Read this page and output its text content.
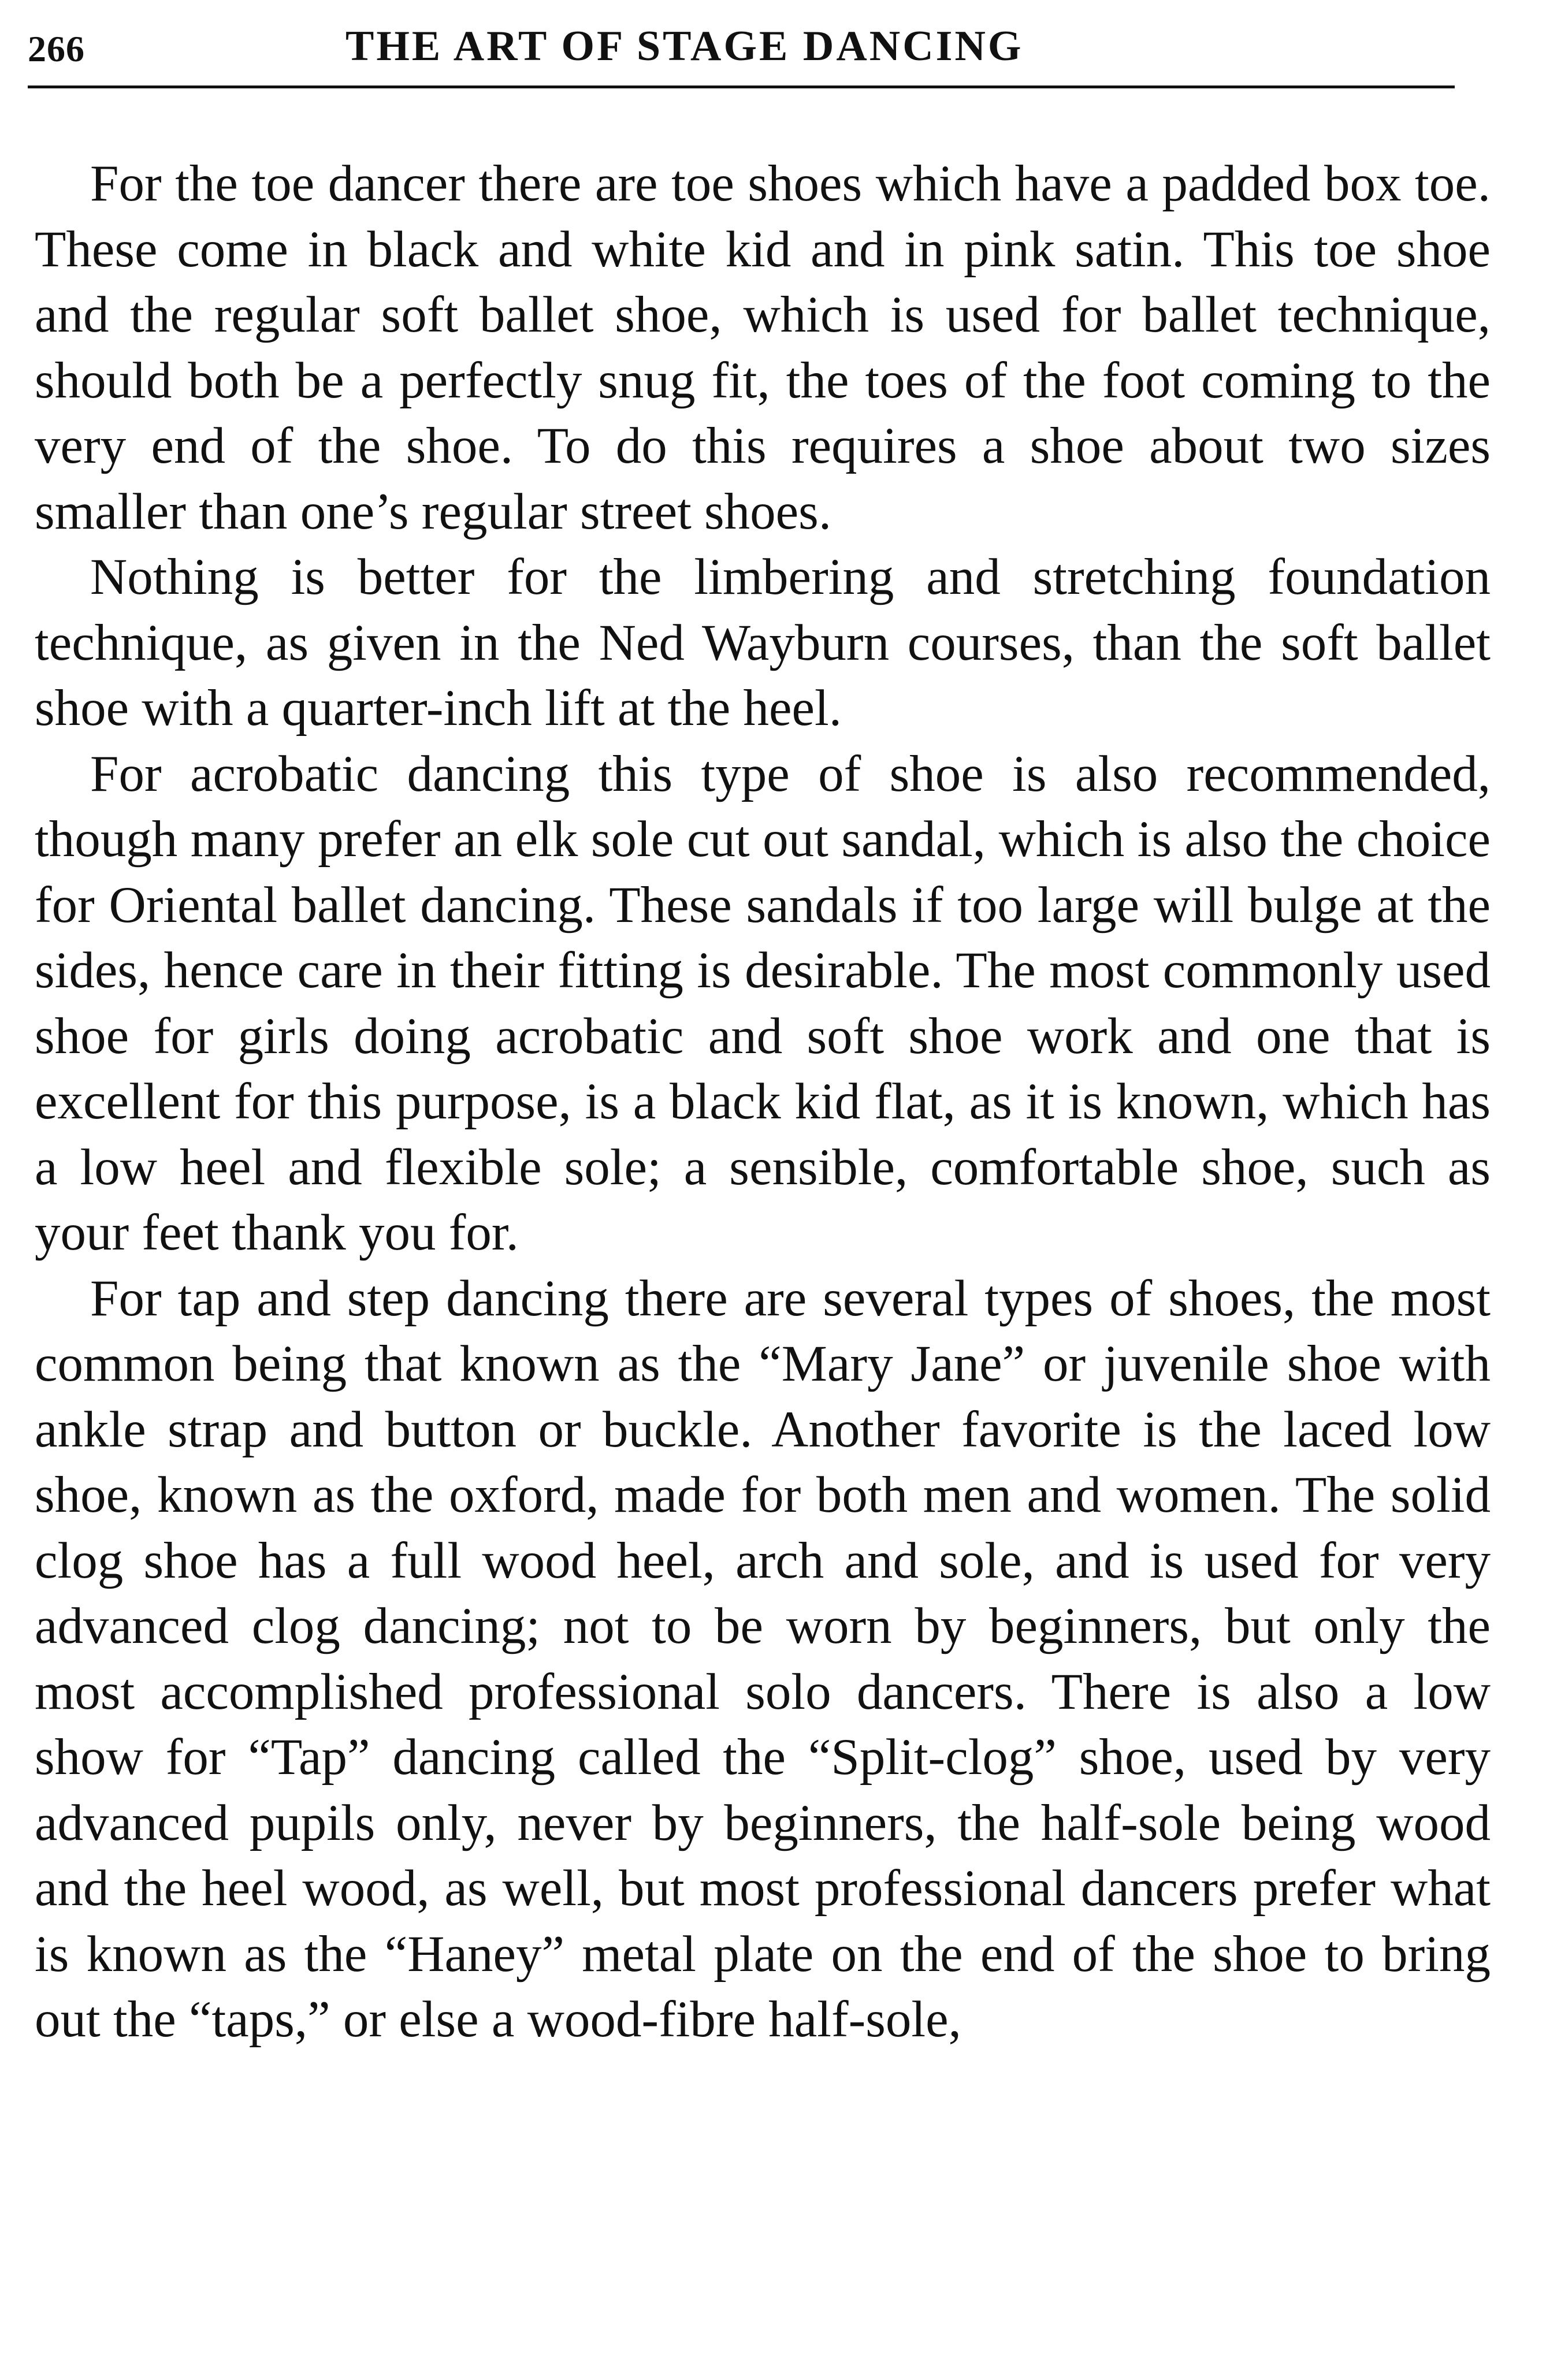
266	THE ART OF STAGE DANCING

For the toe dancer there are toe shoes which have a padded box toe. These come in black and white kid and in pink satin. This toe shoe and the regular soft ballet shoe, which is used for ballet technique, should both be a perfectly snug fit, the toes of the foot coming to the very end of the shoe. To do this requires a shoe about two sizes smaller than one’s regular street shoes.

Nothing is better for the limbering and stretching foundation technique, as given in the Ned Wayburn courses, than the soft ballet shoe with a quarter-inch lift at the heel.

For acrobatic dancing this type of shoe is also recommended, though many prefer an elk sole cut out sandal, which is also the choice for Oriental ballet dancing. These sandals if too large will bulge at the sides, hence care in their fitting is desirable. The most commonly used shoe for girls doing acrobatic and soft shoe work and one that is excellent for this purpose, is a black kid flat, as it is known, which has a low heel and flexible sole; a sensible, comfortable shoe, such as your feet thank you for.

For tap and step dancing there are several types of shoes, the most common being that known as the “Mary Jane” or juvenile shoe with ankle strap and button or buckle. Another favorite is the laced low shoe, known as the oxford, made for both men and women. The solid clog shoe has a full wood heel, arch and sole, and is used for very advanced clog dancing; not to be worn by beginners, but only the most accomplished professional solo dancers. There is also a low show for “Tap” dancing called the “Split-clog” shoe, used by very advanced pupils only, never by beginners, the half-sole being wood and the heel wood, as well, but most professional dancers prefer what is known as the “Haney” metal plate on the end of the shoe to bring out the “taps,” or else a wood-fibre half-sole,
